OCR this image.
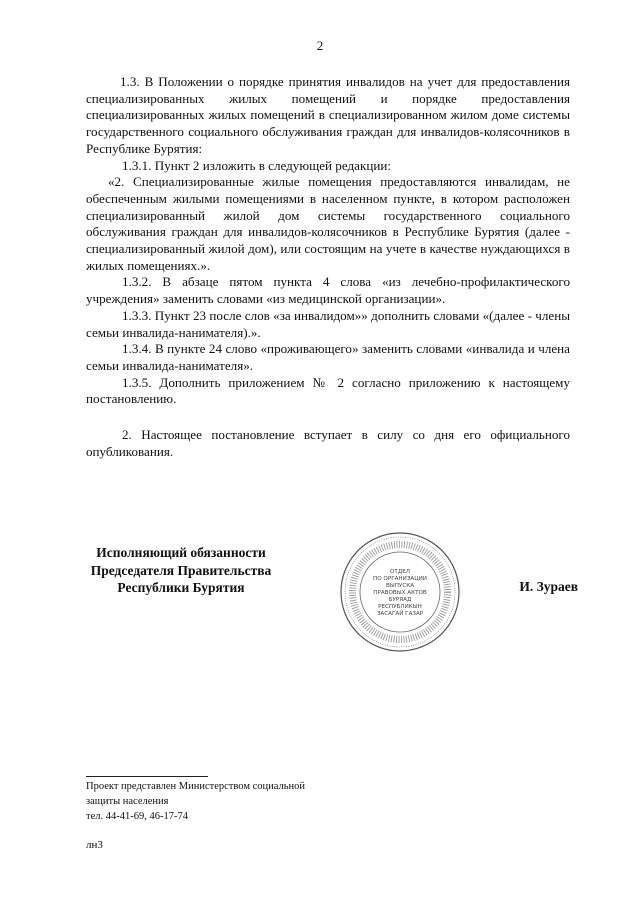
2

1.3. В Положении о порядке принятия инвалидов на учет для предоставления специализированных жилых помещений и порядке предоставления специализированных жилых помещений в специализированном жилом доме системы государственного социального обслуживания граждан для инвалидов-колясочников в Республике Бурятия:

1.3.1. Пункт 2 изложить в следующей редакции:

«2. Специализированные жилые помещения предоставляются инвалидам, не обеспеченным жилыми помещениями в населенном пункте, в котором расположен специализированный жилой дом системы государственного социального обслуживания граждан для инвалидов-колясочников в Республике Бурятия (далее - специализированный жилой дом), или состоящим на учете в качестве нуждающихся в жилых помещениях.».

1.3.2. В абзаце пятом пункта 4 слова «из лечебно-профилактического учреждения» заменить словами «из медицинской организации».

1.3.3. Пункт 23 после слов «за инвалидом»» дополнить словами «(далее - члены семьи инвалида-нанимателя).».

1.3.4. В пункте 24 слово «проживающего» заменить словами «инвалида и члена семьи инвалида-нанимателя».

1.3.5. Дополнить приложением № 2 согласно приложению к настоящему постановлению.

2. Настоящее постановление вступает в силу со дня его официального опубликования.

Исполняющий обязанности
Председателя Правительства
Республики Бурятия
ОТДЕЛ
ПО ОРГАНИЗАЦИИ
ВЫПУСКА
ПРАВОВЫХ АКТОВ
БУРЯАД
РЕСПУБЛИКЫН
ЗАСАГАЙ ГАЗАР
И. Зураев
Проект представлен Министерством социальной
защиты населения
тел. 44-41-69, 46-17-74
лн3
